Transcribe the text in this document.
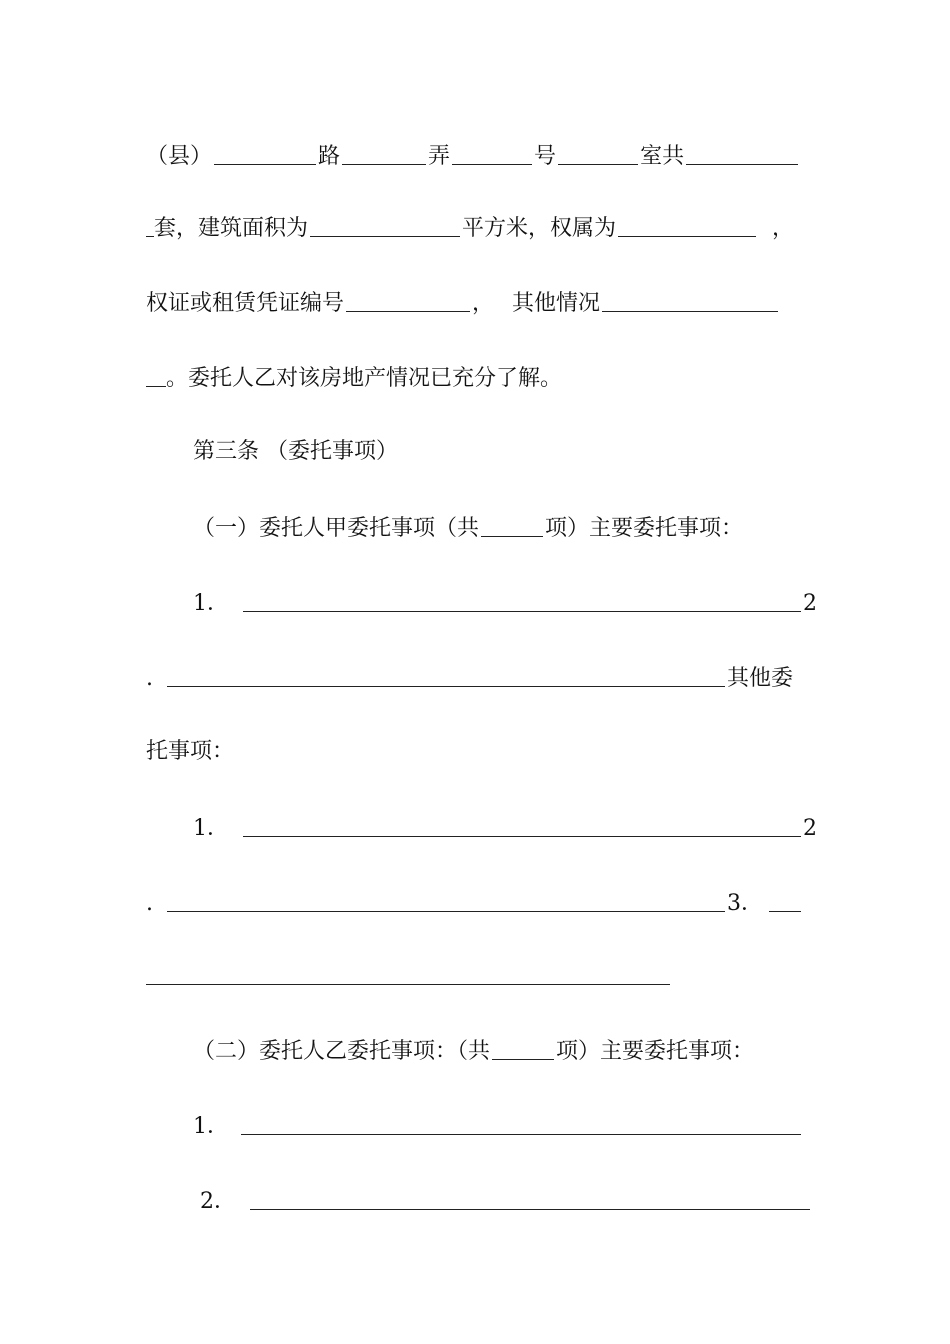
（县）	路	弄	号	室共
套，建筑面积为	平方米，权属为	，
权证或租赁凭证编号	， 其他情况
。委托人乙对该房地产情况已充分了解。
第三条 （委托事项）
（一）委托人甲委托事项（共	项）主要委托事项：
1．	2
.	其他委
托事项：
1．	2
.	3．
（二）委托人乙委托事项：（共	项）主要委托事项：
1．
2．
